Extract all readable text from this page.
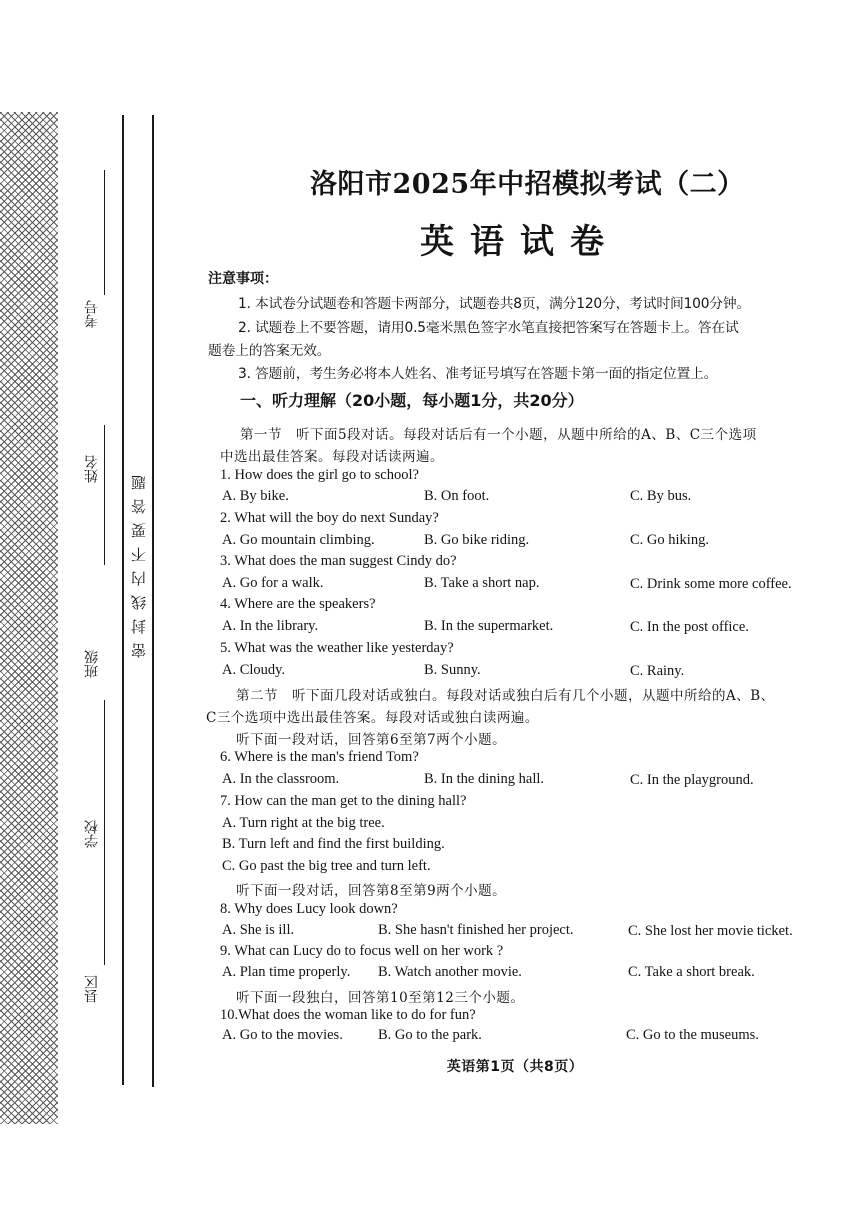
考号
姓名
班级
学校
县区
密封线内不要答题
洛阳市2025年中招模拟考试（二）
英语试卷
注意事项：
1. 本试卷分试题卷和答题卡两部分，试题卷共8页，满分120分，考试时间100分钟。
2. 试题卷上不要答题，请用0.5毫米黑色签字水笔直接把答案写在答题卡上。答在试
题卷上的答案无效。
3. 答题前，考生务必将本人姓名、准考证号填写在答题卡第一面的指定位置上。
一、听力理解（20小题，每小题1分，共20分）
第一节　听下面5段对话。每段对话后有一个小题，从题中所给的A、B、C三个选项
中选出最佳答案。每段对话读两遍。
1. How does the girl go to school?
A. By bike.	B. On foot.	C. By bus.
2. What will the boy do next Sunday?
A. Go mountain climbing.	B. Go bike riding.	C. Go hiking.
3. What does the man suggest Cindy do?
A. Go for a walk.	B. Take a short nap.	C. Drink some more coffee.
4. Where are the speakers?
A. In the library.	B. In the supermarket.	C. In the post office.
5. What was the weather like yesterday?
A. Cloudy.	B. Sunny.	C. Rainy.
第二节　听下面几段对话或独白。每段对话或独白后有几个小题，从题中所给的A、B、
C三个选项中选出最佳答案。每段对话或独白读两遍。
听下面一段对话，回答第6至第7两个小题。
6. Where is the man's friend Tom?
A. In the classroom.	B. In the dining hall.	C. In the playground.
7. How can the man get to the dining hall?
A. Turn right at the big tree.
B. Turn left and find the first building.
C. Go past the big tree and turn left.
听下面一段对话，回答第8至第9两个小题。
8. Why does Lucy look down?
A. She is ill.	B. She hasn't finished her project.	C. She lost her movie ticket.
9. What can Lucy do to focus well on her work ?
A. Plan time properly. B. Watch another movie.	C. Take a short break.
听下面一段独白，回答第10至第12三个小题。
10.What does the woman like to do for fun?
A. Go to the movies. B. Go to the park.	C. Go to the museums.
英语第1页（共8页）
